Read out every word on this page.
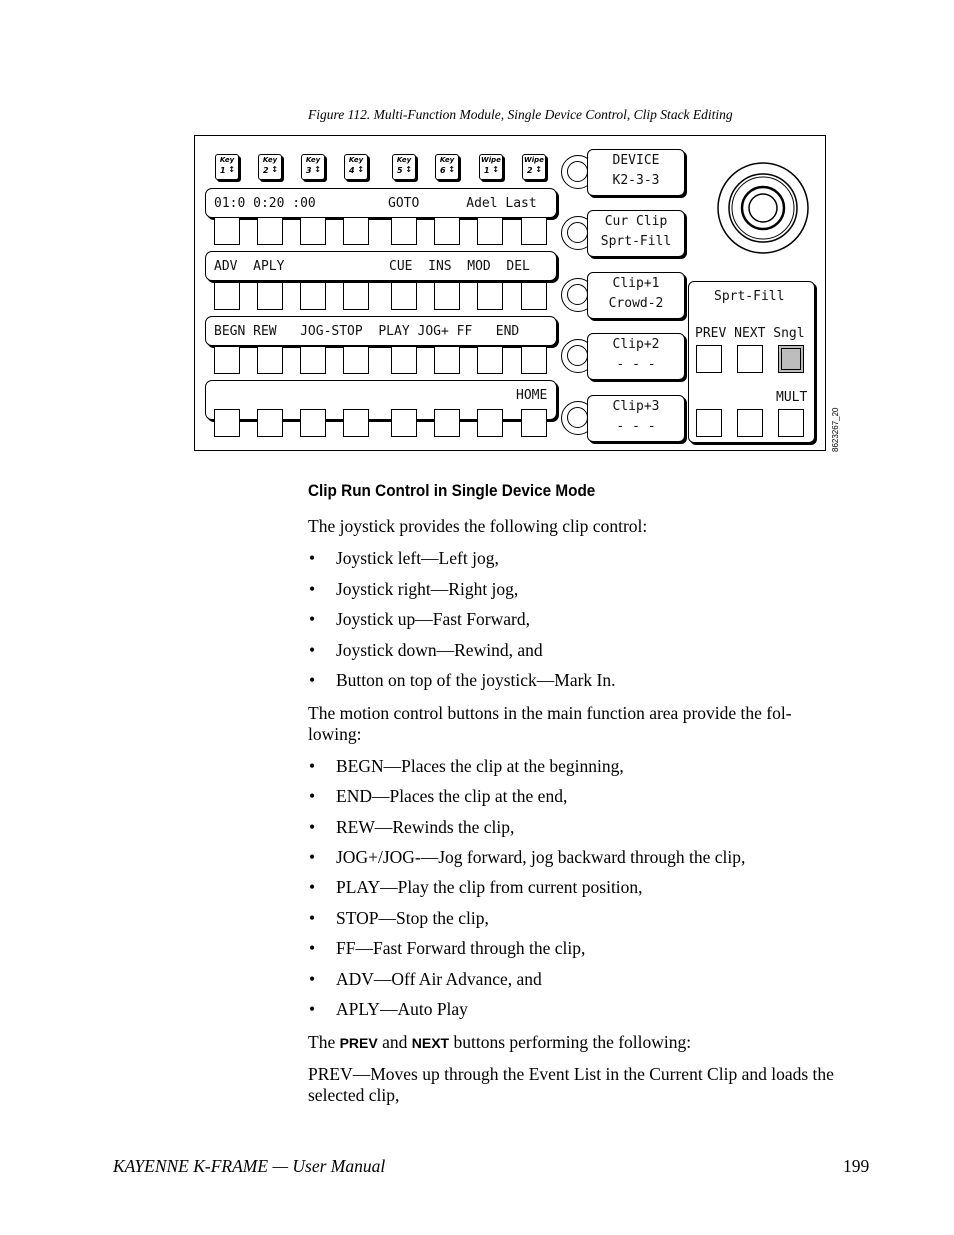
Figure 112. Multi-Function Module, Single Device Control, Clip Stack Editing
Key
1 ↕
Key
2 ↕
Key
3 ↕
Key
4 ↕
Key
5 ↕
Key
6 ↕
Wipe
1 ↕
Wipe
2 ↕
01:0 0:20 :00	GOTO      Adel Last
ADV  APLY	CUE  INS  MOD  DEL
BEGN REW   JOG-STOP  PLAY JOG+ FF   END
HOME
DEVICE
K2-3-3
Cur Clip
Sprt-Fill
Clip+1
Crowd-2
Clip+2
- - -
Clip+3
- - -
Sprt-Fill
PREV NEXT Sngl
MULT
8623267_20
Clip Run Control in Single Device Mode
The joystick provides the following clip control:
• Joystick left—Left jog,
• Joystick right—Right jog,
• Joystick up—Fast Forward,
• Joystick down—Rewind, and
• Button on top of the joystick—Mark In.
The motion control buttons in the main function area provide the fol-
lowing:
• BEGN—Places the clip at the beginning,
• END—Places the clip at the end,
• REW—Rewinds the clip,
• JOG+/JOG-—Jog forward, jog backward through the clip,
• PLAY—Play the clip from current position,
• STOP—Stop the clip,
• FF—Fast Forward through the clip,
• ADV—Off Air Advance, and
• APLY—Auto Play
The PREV and NEXT buttons performing the following:
PREV—Moves up through the Event List in the Current Clip and loads the selected clip,
KAYENNE K-FRAME — User Manual	199
